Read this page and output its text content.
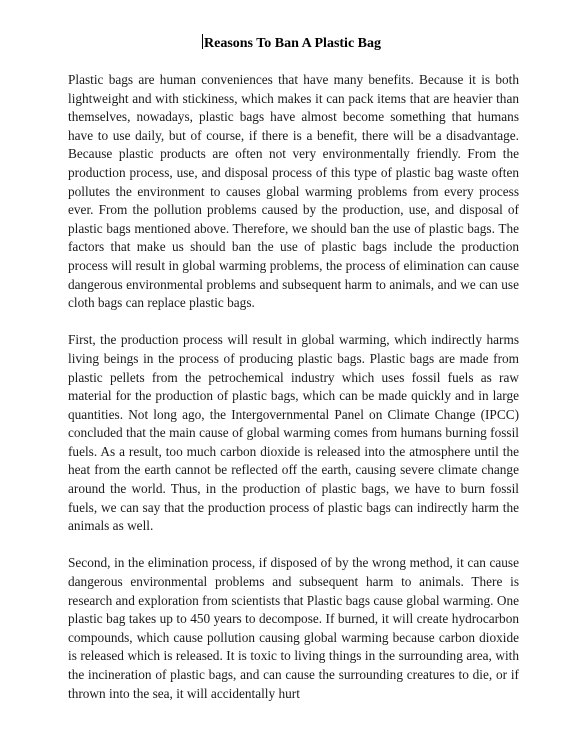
Reasons To Ban A Plastic Bag

Plastic bags are human conveniences that have many benefits. Because it is both lightweight and with stickiness, which makes it can pack items that are heavier than themselves, nowadays, plastic bags have almost become something that humans have to use daily, but of course, if there is a benefit, there will be a disadvantage. Because plastic products are often not very environmentally friendly. From the production process, use, and disposal process of this type of plastic bag waste often pollutes the environment to causes global warming problems from every process ever. From the pollution problems caused by the production, use, and disposal of plastic bags mentioned above. Therefore, we should ban the use of plastic bags. The factors that make us should ban the use of plastic bags include the production process will result in global warming problems, the process of elimination can cause dangerous environmental problems and subsequent harm to animals, and we can use cloth bags can replace plastic bags.

First, the production process will result in global warming, which indirectly harms living beings in the process of producing plastic bags. Plastic bags are made from plastic pellets from the petrochemical industry which uses fossil fuels as raw material for the production of plastic bags, which can be made quickly and in large quantities. Not long ago, the Intergovernmental Panel on Climate Change (IPCC) concluded that the main cause of global warming comes from humans burning fossil fuels. As a result, too much carbon dioxide is released into the atmosphere until the heat from the earth cannot be reflected off the earth, causing severe climate change around the world. Thus, in the production of plastic bags, we have to burn fossil fuels, we can say that the production process of plastic bags can indirectly harm the animals as well.

Second, in the elimination process, if disposed of by the wrong method, it can cause dangerous environmental problems and subsequent harm to animals. There is research and exploration from scientists that Plastic bags cause global warming. One plastic bag takes up to 450 years to decompose. If burned, it will create hydrocarbon compounds, which cause pollution causing global warming because carbon dioxide is released which is released. It is toxic to living things in the surrounding area, with the incineration of plastic bags, and can cause the surrounding creatures to die, or if thrown into the sea, it will accidentally hurt
